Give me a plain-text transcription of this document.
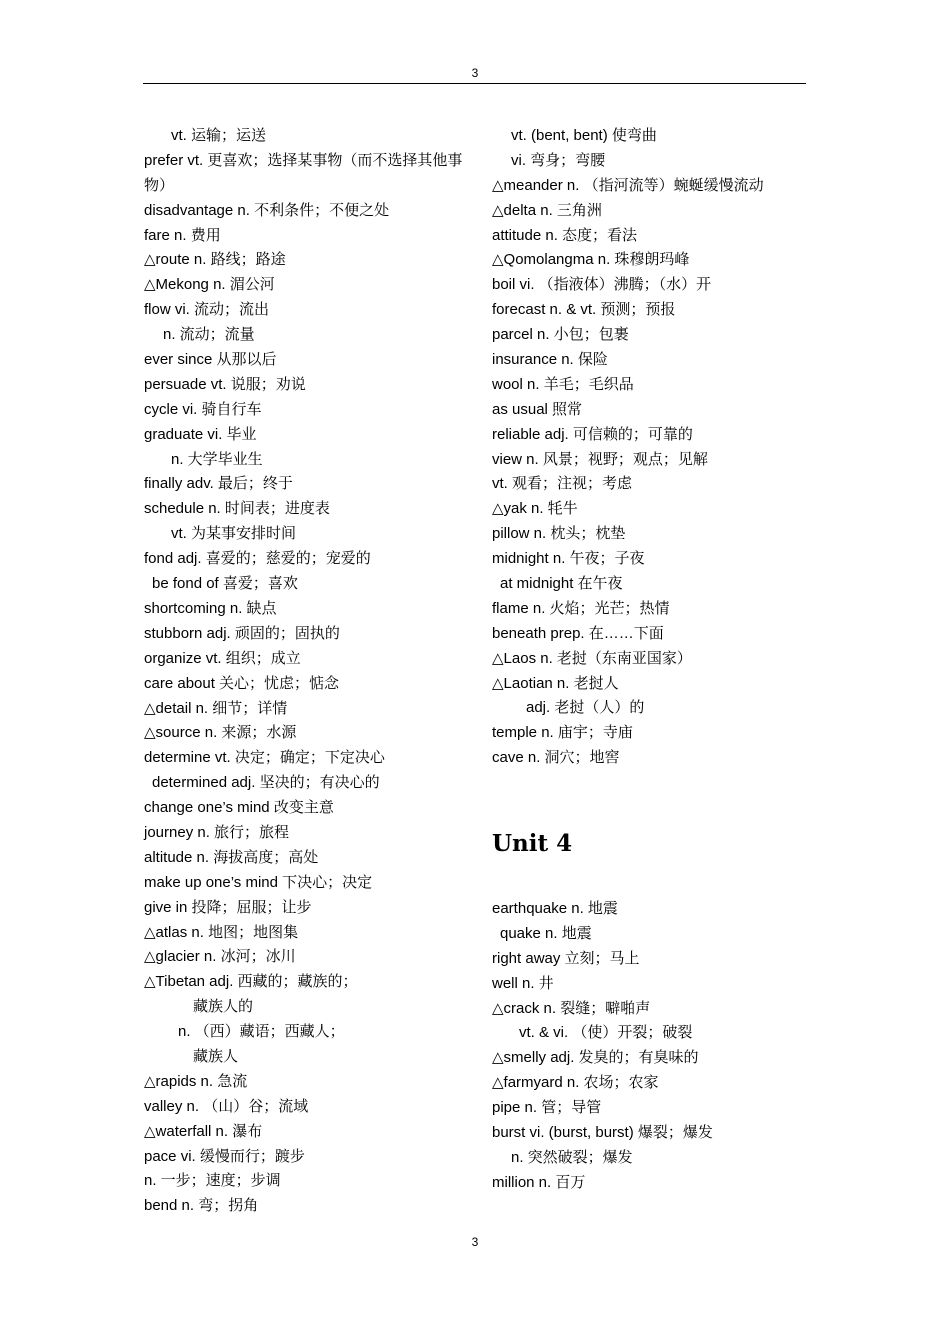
3
vt. 运输；运送
prefer vt. 更喜欢；选择某事物（而不选择其他事物）
disadvantage n. 不利条件；不便之处
fare n. 费用
△route n. 路线；路途
△Mekong n. 湄公河
flow vi. 流动；流出
n. 流动；流量
ever since 从那以后
persuade vt. 说服；劝说
cycle vi. 骑自行车
graduate vi. 毕业
n. 大学毕业生
finally adv. 最后；终于
schedule n. 时间表；进度表
vt. 为某事安排时间
fond adj. 喜爱的；慈爱的；宠爱的
be fond of 喜爱；喜欢
shortcoming n. 缺点
stubborn adj. 顽固的；固执的
organize vt. 组织；成立
care about 关心；忧虑；惦念
△detail n. 细节；详情
△source n. 来源；水源
determine vt. 决定；确定；下定决心
determined adj. 坚决的；有决心的
change one’s mind 改变主意
journey n. 旅行；旅程
altitude n. 海拔高度；高处
make up one’s mind 下决心；决定
give in 投降；屈服；让步
△atlas n. 地图；地图集
△glacier n. 冰河；冰川
△Tibetan adj. 西藏的；藏族的；
藏族人的
n. （西）藏语；西藏人；
藏族人
△rapids n. 急流
valley n. （山）谷；流域
△waterfall n. 瀑布
pace vi. 缓慢而行；踱步
n. 一步；速度；步调
bend n. 弯；拐角
vt. (bent, bent) 使弯曲
vi. 弯身；弯腰
△meander n. （指河流等）蜿蜒缓慢流动
△delta n. 三角洲
attitude n. 态度；看法
△Qomolangma n. 珠穆朗玛峰
boil vi. （指液体）沸腾；（水）开
forecast n. & vt. 预测；预报
parcel n. 小包；包裹
insurance n. 保险
wool n. 羊毛；毛织品
as usual 照常
reliable adj. 可信赖的；可靠的
view n. 风景；视野；观点；见解
vt. 观看；注视；考虑
△yak n. 牦牛
pillow n. 枕头；枕垫
midnight n. 午夜；子夜
at midnight 在午夜
flame n. 火焰；光芒；热情
beneath prep. 在……下面
△Laos n. 老挝（东南亚国家）
△Laotian n. 老挝人
adj. 老挝（人）的
temple n. 庙宇；寺庙
cave n. 洞穴；地窖
Unit 4
earthquake n. 地震
quake n. 地震
right away 立刻；马上
well n. 井
△crack n. 裂缝；噼啪声
vt. & vi. （使）开裂；破裂
△smelly adj. 发臭的；有臭味的
△farmyard n. 农场；农家
pipe n. 管；导管
burst vi. (burst, burst) 爆裂；爆发
n. 突然破裂；爆发
million n. 百万
3
